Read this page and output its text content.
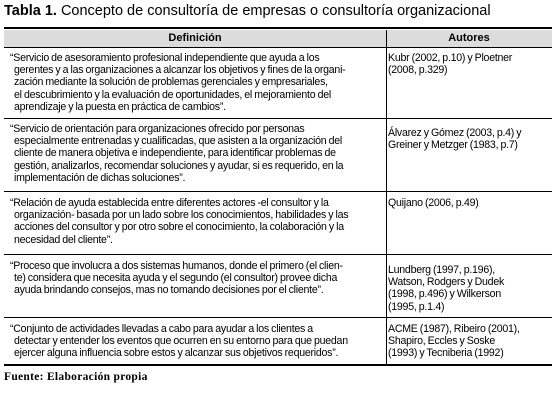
Tabla 1. Concepto de consultoría de empresas o consultoría organizacional
Definición	Autores
“Servicio de asesoramiento profesional independiente que ayuda a los
gerentes y a las organizaciones a alcanzar los objetivos y fines de la organi-
zación mediante la solución de problemas gerenciales y empresariales,
el descubrimiento y la evaluación de oportunidades, el mejoramiento del
aprendizaje y la puesta en práctica de cambios”.
Kubr (2002, p.10) y Ploetner
(2008, p.329)
“Servicio de orientación para organizaciones ofrecido por personas
especialmente entrenadas y cualificadas, que asisten a la organización del
cliente de manera objetiva e independiente, para identificar problemas de
gestión, analizarlos, recomendar soluciones y ayudar, si es requerido, en la
implementación de dichas soluciones”.
Álvarez y Gómez (2003, p.4) y
Greiner y Metzger (1983, p.7)
“Relación de ayuda establecida entre diferentes actores -el consultor y la
organización- basada por un lado sobre los conocimientos, habilidades y las
acciones del consultor y por otro sobre el conocimiento, la colaboración y la
necesidad del cliente”.
Quijano (2006, p.49)
“Proceso que involucra a dos sistemas humanos, donde el primero (el clien-
te) considera que necesita ayuda y el segundo (el consultor) provee dicha
ayuda brindando consejos, mas no tomando decisiones por el cliente”.
Lundberg (1997, p.196),
Watson, Rodgers y Dudek
(1998, p.496) y Wilkerson
(1995, p.1.4)
“Conjunto de actividades llevadas a cabo para ayudar a los clientes a
detectar y entender los eventos que ocurren en su entorno para que puedan
ejercer alguna influencia sobre estos y alcanzar sus objetivos requeridos”.
ACME (1987), Ribeiro (2001),
Shapiro, Eccles y Soske
(1993) y Tecniberia (1992)
Fuente: Elaboración propia
